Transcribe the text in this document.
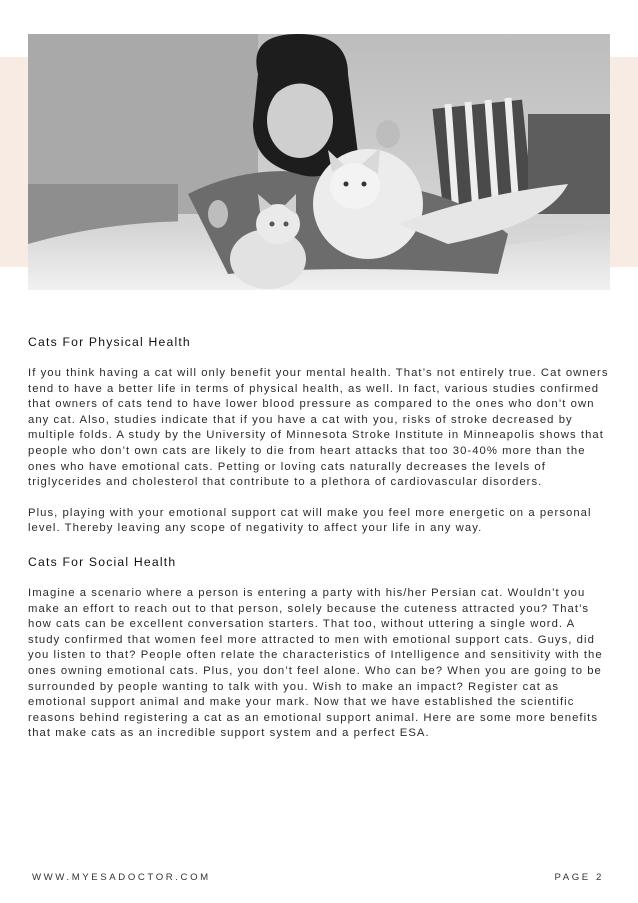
Cats For Physical Health

If you think having a cat will only benefit your mental health. That’s not entirely true. Cat owners tend to have a better life in terms of physical health, as well. In fact, various studies confirmed that owners of cats tend to have lower blood pressure as compared to the ones who don’t own any cat. Also, studies indicate that if you have a cat with you, risks of stroke decreased by multiple folds. A study by the University of Minnesota Stroke Institute in Minneapolis shows that people who don’t own cats are likely to die from heart attacks that too 30-40% more than the ones who have emotional cats. Petting or loving cats naturally decreases the levels of triglycerides and cholesterol that contribute to a plethora of cardiovascular disorders.

Plus, playing with your emotional support cat will make you feel more energetic on a personal level. Thereby leaving any scope of negativity to affect your life in any way.

Cats For Social Health

Imagine a scenario where a person is entering a party with his/her Persian cat. Wouldn’t you make an effort to reach out to that person, solely because the cuteness attracted you? That’s how cats can be excellent conversation starters. That too, without uttering a single word. A study confirmed that women feel more attracted to men with emotional support cats. Guys, did you listen to that? People often relate the characteristics of Intelligence and sensitivity with the ones owning emotional cats. Plus, you don’t feel alone. Who can be? When you are going to be surrounded by people wanting to talk with you. Wish to make an impact? Register cat as emotional support animal and make your mark. Now that we have established the scientific reasons behind registering a cat as an emotional support animal. Here are some more benefits that make cats as an incredible support system and a perfect ESA.

WWW.MYESADOCTOR.COM	PAGE 2
